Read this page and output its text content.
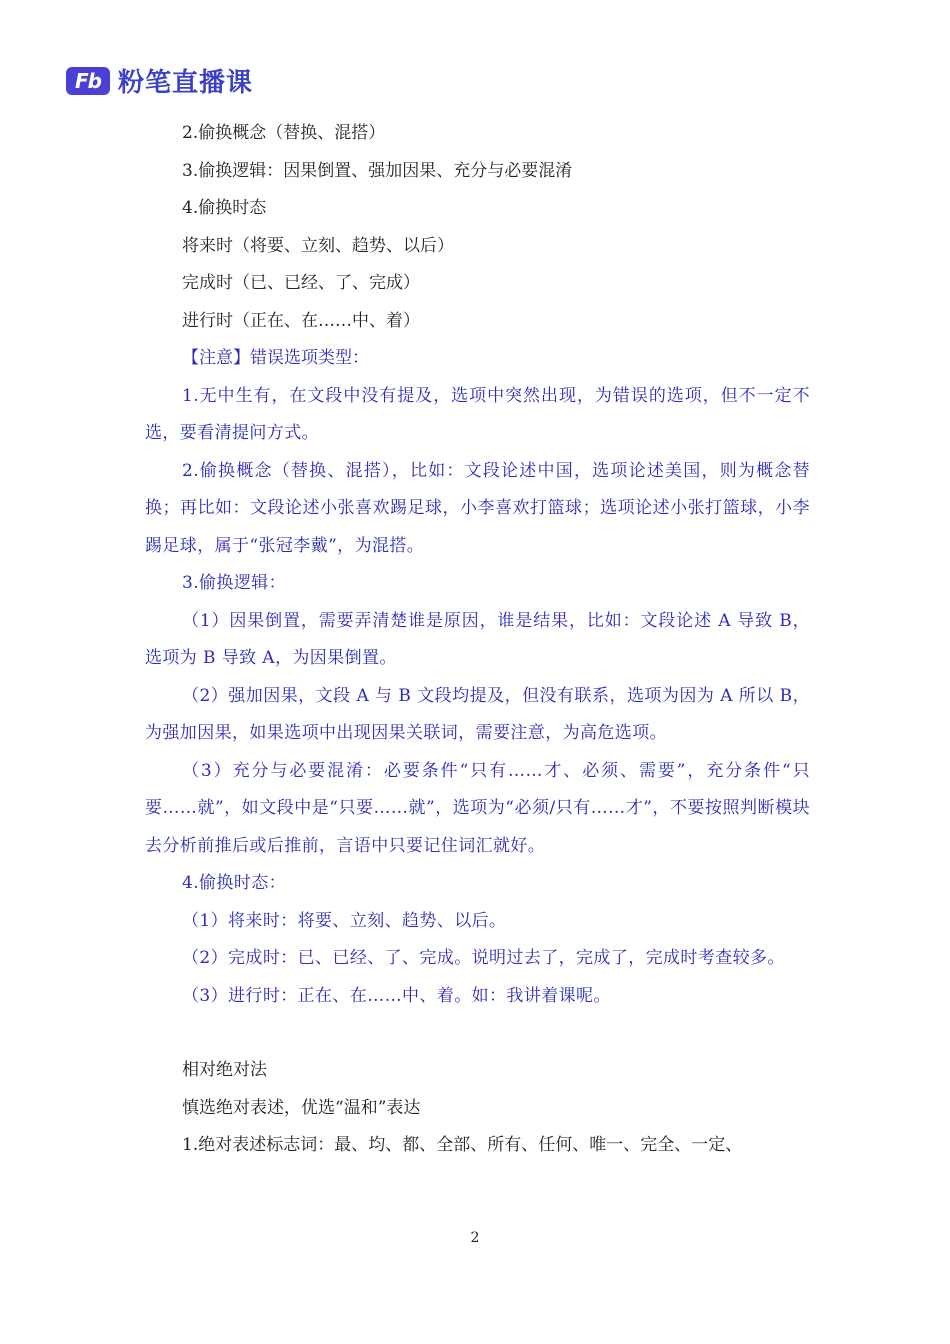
Fb 粉笔直播课

2.偷换概念（替换、混搭）

3.偷换逻辑：因果倒置、强加因果、充分与必要混淆

4.偷换时态

将来时（将要、立刻、趋势、以后）

完成时（已、已经、了、完成）

进行时（正在、在……中、着）

【注意】错误选项类型：

1.无中生有，在文段中没有提及，选项中突然出现，为错误的选项，但不一定不选，要看清提问方式。

2.偷换概念（替换、混搭），比如：文段论述中国，选项论述美国，则为概念替换；再比如：文段论述小张喜欢踢足球，小李喜欢打篮球；选项论述小张打篮球，小李踢足球，属于“张冠李戴”，为混搭。

3.偷换逻辑：

（1）因果倒置，需要弄清楚谁是原因，谁是结果，比如：文段论述 A 导致 B，选项为 B 导致 A，为因果倒置。

（2）强加因果，文段 A 与 B 文段均提及，但没有联系，选项为因为 A 所以 B，为强加因果，如果选项中出现因果关联词，需要注意，为高危选项。

（3）充分与必要混淆：必要条件“只有……才、必须、需要”，充分条件“只要……就”，如文段中是“只要……就”，选项为“必须/只有……才”，不要按照判断模块去分析前推后或后推前，言语中只要记住词汇就好。

4.偷换时态：

（1）将来时：将要、立刻、趋势、以后。

（2）完成时：已、已经、了、完成。说明过去了，完成了，完成时考查较多。

（3）进行时：正在、在……中、着。如：我讲着课呢。

相对绝对法

慎选绝对表述，优选“温和”表达

1.绝对表述标志词：最、均、都、全部、所有、任何、唯一、完全、一定、

2
